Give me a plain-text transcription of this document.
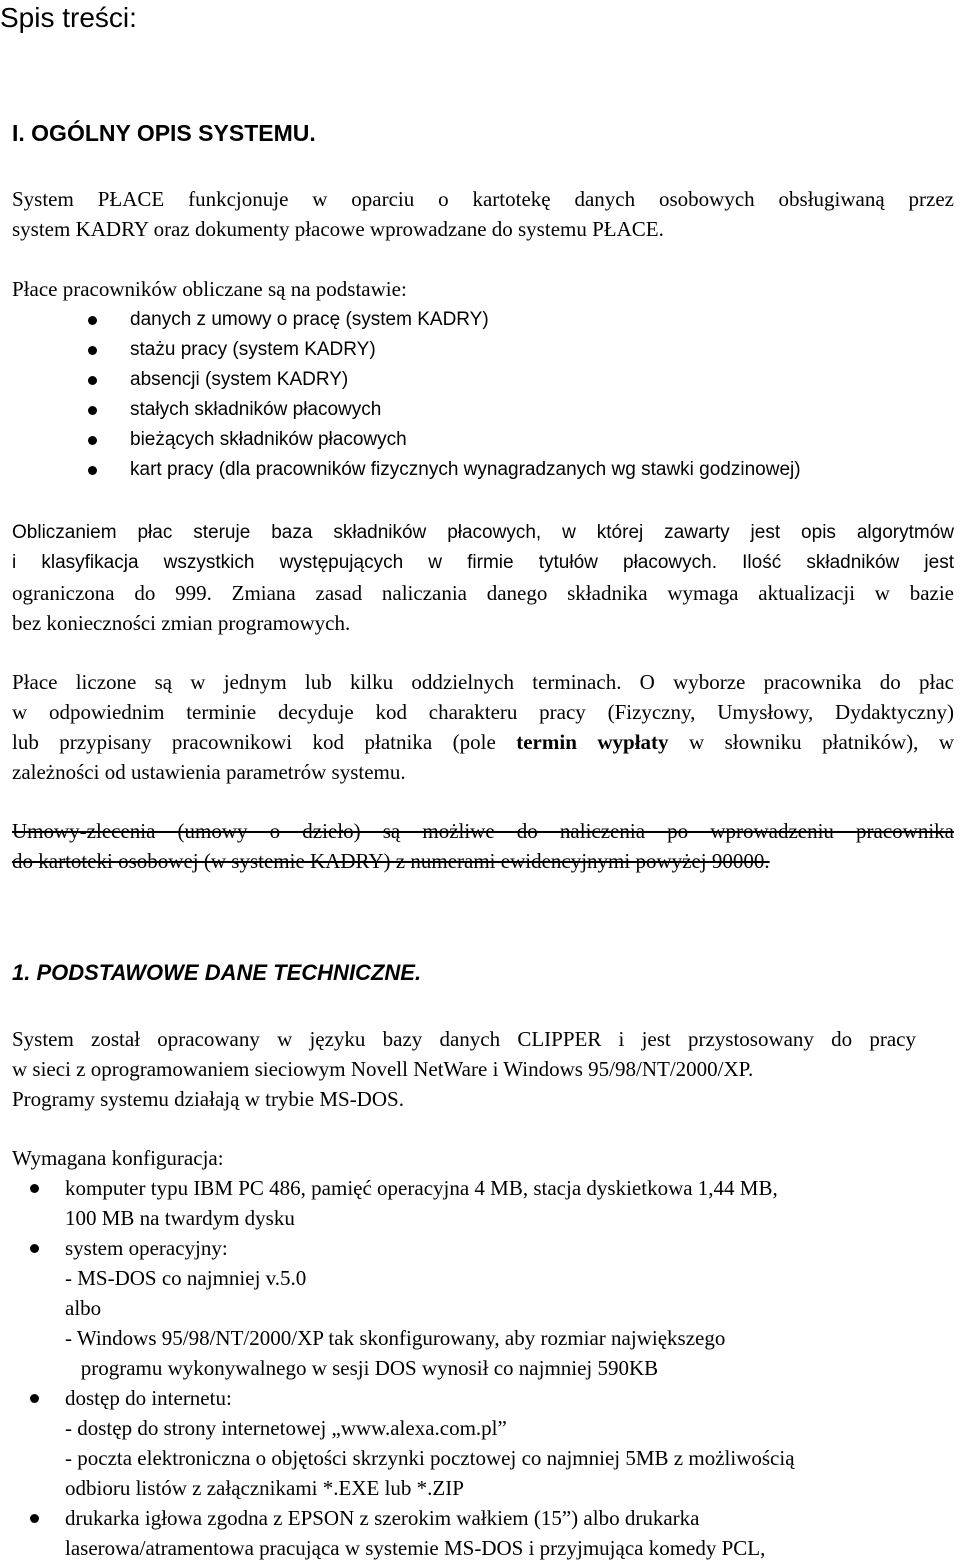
Spis treści:
I. OGÓLNY OPIS SYSTEMU.
System PŁACE funkcjonuje w oparciu o kartotekę danych osobowych obsługiwaną przez
system KADRY oraz dokumenty płacowe wprowadzane do systemu PŁACE.
Płace pracowników obliczane są na podstawie:
danych z umowy o pracę (system KADRY)
stażu pracy (system KADRY)
absencji (system KADRY)
stałych składników płacowych
bieżących składników płacowych
kart pracy (dla pracowników fizycznych wynagradzanych wg stawki godzinowej)
Obliczaniem płac steruje baza składników płacowych, w której zawarty jest opis algorytmów
i klasyfikacja wszystkich występujących w firmie tytułów płacowych. Ilość składników jest
ograniczona do 999. Zmiana zasad naliczania danego składnika wymaga aktualizacji w bazie
bez konieczności zmian programowych.
Płace liczone są w jednym lub kilku oddzielnych terminach. O wyborze pracownika do płac
w odpowiednim terminie decyduje kod charakteru pracy (Fizyczny, Umysłowy, Dydaktyczny)
lub przypisany pracownikowi kod płatnika (pole termin wypłaty w słowniku płatników), w
zależności od ustawienia parametrów systemu.
Umowy-zlecenia (umowy o dzieło) są możliwe do naliczenia po wprowadzeniu pracownika
do kartoteki osobowej (w systemie KADRY) z numerami ewidencyjnymi powyżej 90000.
1. PODSTAWOWE DANE TECHNICZNE.
System został opracowany w języku bazy danych CLIPPER i jest przystosowany do pracy
w sieci z oprogramowaniem sieciowym Novell NetWare i Windows 95/98/NT/2000/XP.
Programy systemu działają w trybie MS-DOS.
Wymagana konfiguracja:
komputer typu IBM PC 486, pamięć operacyjna 4 MB, stacja dyskietkowa 1,44 MB,
100 MB na twardym dysku
system operacyjny:
- MS-DOS co najmniej v.5.0
albo
- Windows 95/98/NT/2000/XP tak skonfigurowany, aby rozmiar największego
programu wykonywalnego w sesji DOS wynosił co najmniej 590KB
dostęp do internetu:
- dostęp do strony internetowej „www.alexa.com.pl”
- poczta elektroniczna o objętości skrzynki pocztowej co najmniej 5MB z możliwością
odbioru listów z załącznikami *.EXE lub *.ZIP
drukarka igłowa zgodna z EPSON z szerokim wałkiem (15”) albo drukarka
laserowa/atramentowa pracująca w systemie MS-DOS i przyjmująca komedy PCL,
